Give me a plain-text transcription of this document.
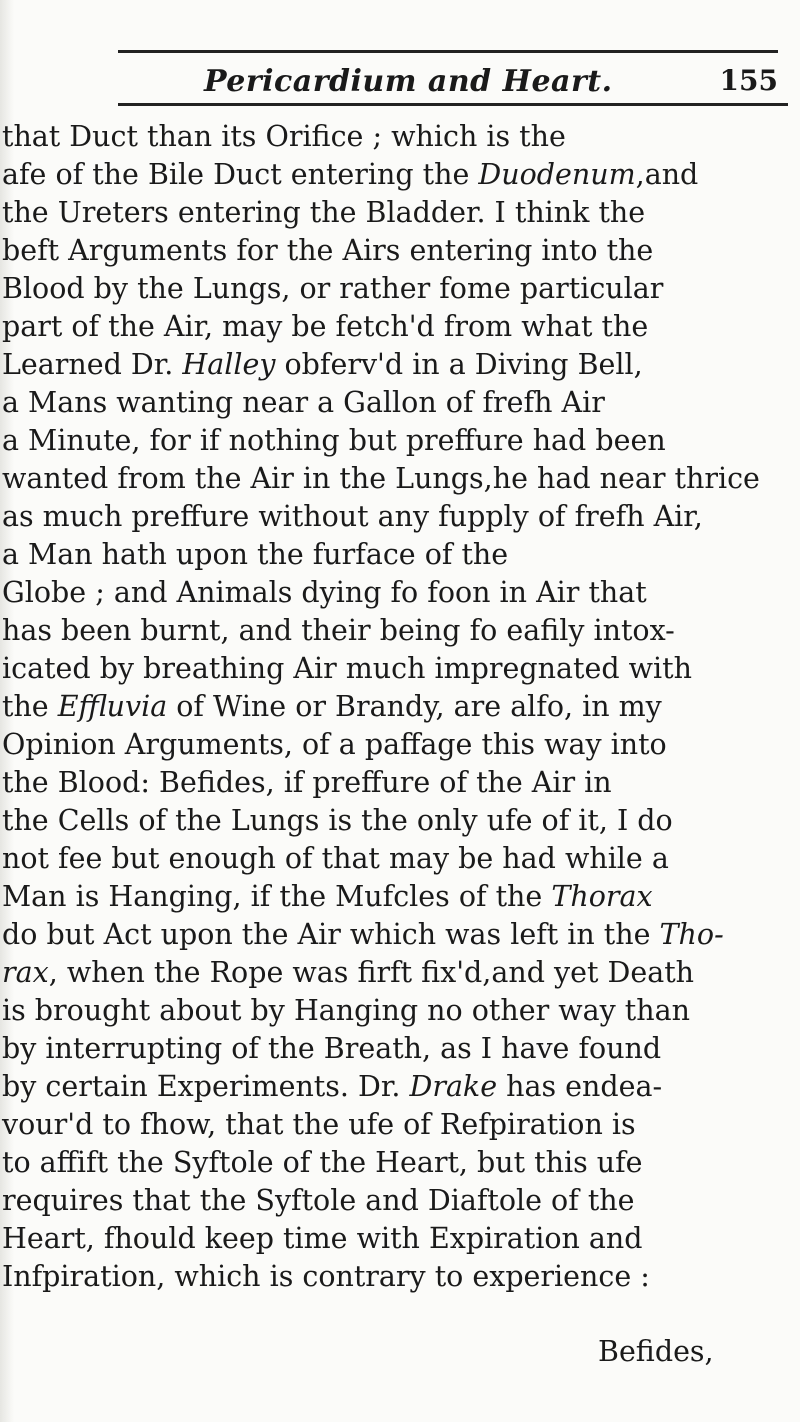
Pericardium and Heart.	155
that Duct than its Orifice ; which is the
afe of the Bile Duct entering the Duodenum,and
the Ureters entering the Bladder. I think the
beft Arguments for the Airs entering into the
Blood by the Lungs, or rather fome particular
part of the Air, may be fetch'd from what the
Learned Dr. Halley obferv'd in a Diving Bell,
a Mans wanting near a Gallon of frefh Air
a Minute, for if nothing but preffure had been
wanted from the Air in the Lungs,he had near thrice
as much preffure without any fupply of frefh Air,
a Man hath upon the furface of the
Globe ; and Animals dying fo foon in Air that
has been burnt, and their being fo eafily intox-
icated by breathing Air much impregnated with
the Effluvia of Wine or Brandy, are alfo, in my
Opinion Arguments, of a paffage this way into
the Blood: Befides, if preffure of the Air in
the Cells of the Lungs is the only ufe of it, I do
not fee but enough of that may be had while a
Man is Hanging, if the Mufcles of the Thorax
do but Act upon the Air which was left in the Tho-
rax, when the Rope was firft fix'd,and yet Death
is brought about by Hanging no other way than
by interrupting of the Breath, as I have found
by certain Experiments. Dr. Drake has endea-
vour'd to fhow, that the ufe of Refpiration is
to affift the Syftole of the Heart, but this ufe
requires that the Syftole and Diaftole of the
Heart, fhould keep time with Expiration and
Infpiration, which is contrary to experience :
Befides,
